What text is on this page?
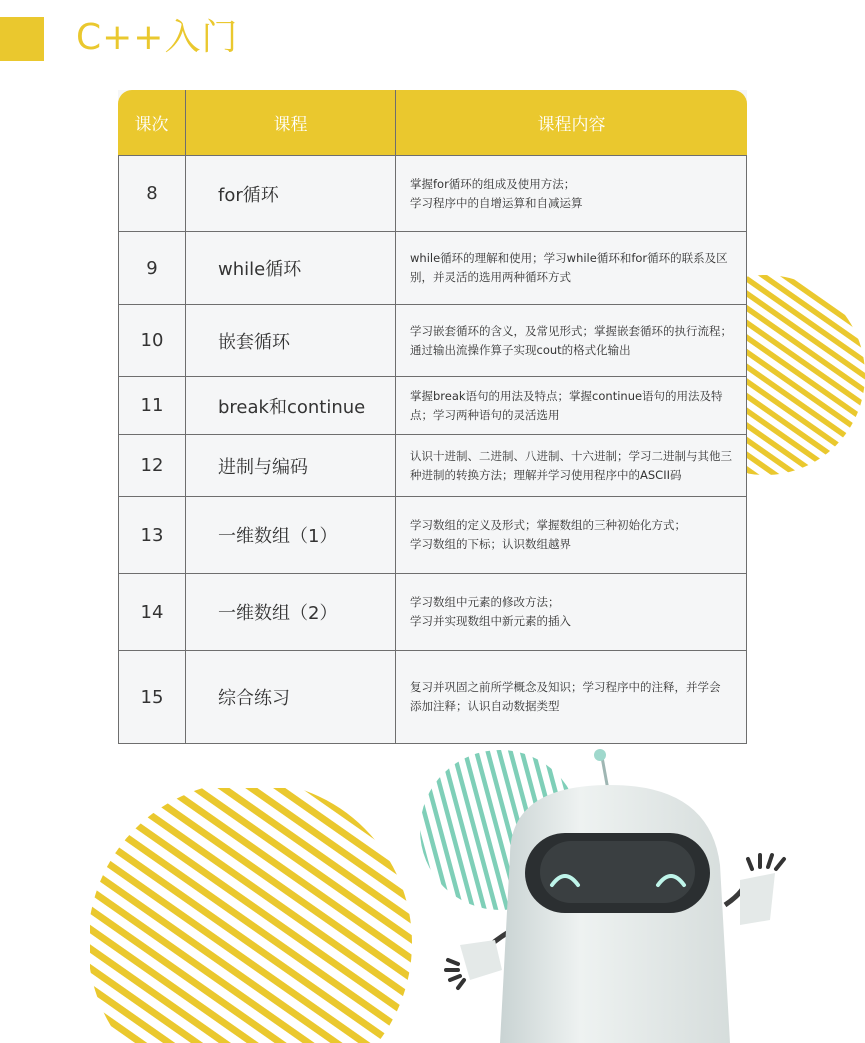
C++入门
课次	课程	课程内容
8	for循环	掌握for循环的组成及使用方法；
学习程序中的自增运算和自减运算

9	while循环	while循环的理解和使用；学习while循环和for循环的联系及区
别，并灵活的选用两种循环方式

10	嵌套循环	学习嵌套循环的含义，及常见形式；掌握嵌套循环的执行流程；
通过输出流操作算子实现cout的格式化输出

11	break和continue	掌握break语句的用法及特点；掌握continue语句的用法及特
点；学习两种语句的灵活选用

12	进制与编码	认识十进制、二进制、八进制、十六进制；学习二进制与其他三
种进制的转换方法；理解并学习使用程序中的ASCII码

13	一维数组（1）	学习数组的定义及形式；掌握数组的三种初始化方式；
学习数组的下标；认识数组越界

14	一维数组（2）	学习数组中元素的修改方法；
学习并实现数组中新元素的插入

15	综合练习	复习并巩固之前所学概念及知识；学习程序中的注释，并学会
添加注释；认识自动数据类型
